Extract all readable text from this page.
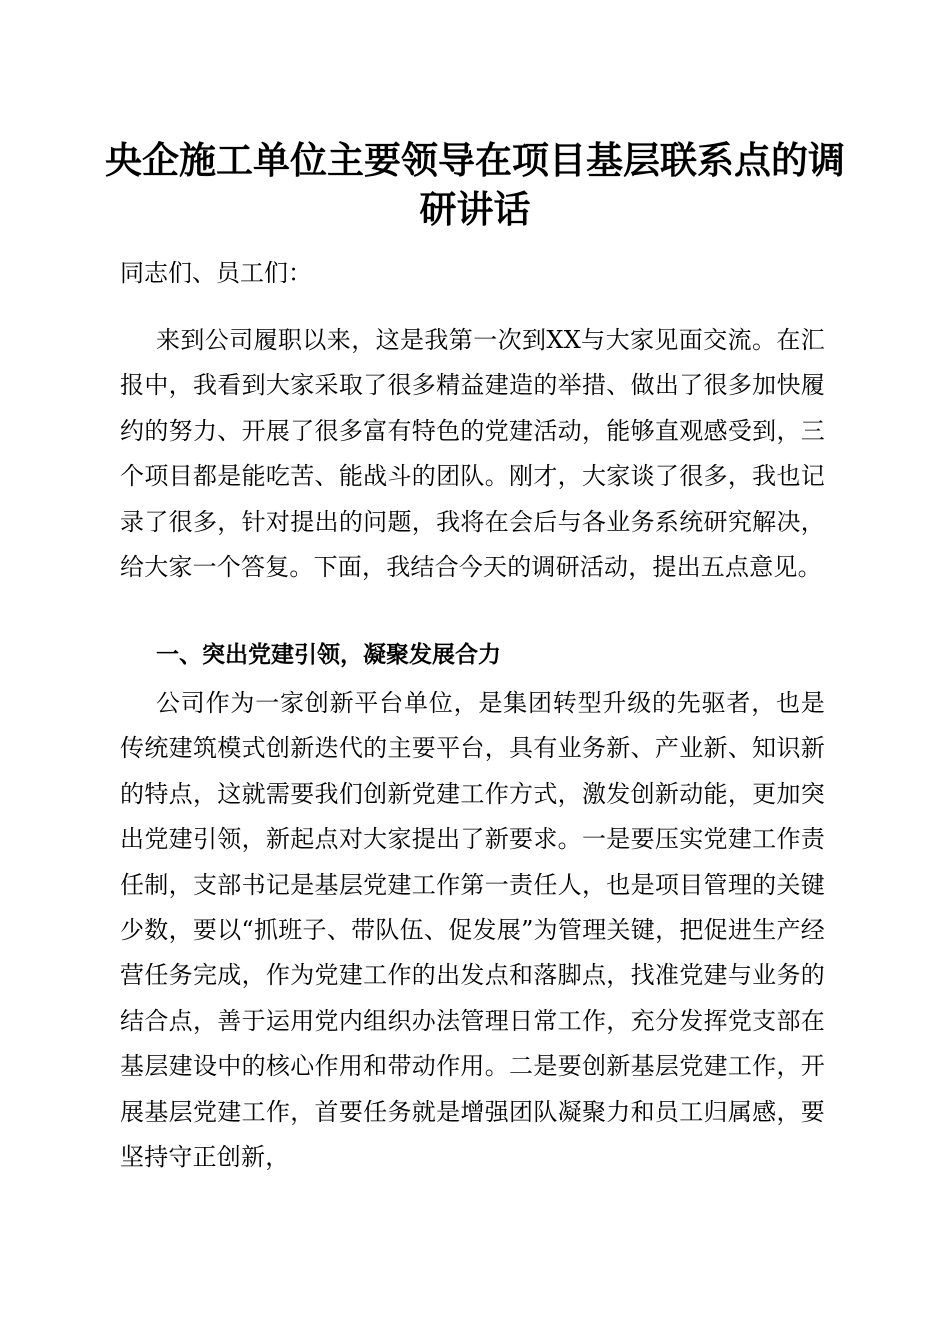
央企施工单位主要领导在项目基层联系点的调
研讲话

同志们、员工们：

来到公司履职以来，这是我第一次到XX与大家见面交流。在汇报中，我看到大家采取了很多精益建造的举措、做出了很多加快履约的努力、开展了很多富有特色的党建活动，能够直观感受到，三个项目都是能吃苦、能战斗的团队。刚才，大家谈了很多，我也记录了很多，针对提出的问题，我将在会后与各业务系统研究解决，给大家一个答复。下面，我结合今天的调研活动，提出五点意见。

一、突出党建引领，凝聚发展合力

公司作为一家创新平台单位，是集团转型升级的先驱者，也是传统建筑模式创新迭代的主要平台，具有业务新、产业新、知识新的特点，这就需要我们创新党建工作方式，激发创新动能，更加突出党建引领，新起点对大家提出了新要求。一是要压实党建工作责任制，支部书记是基层党建工作第一责任人，也是项目管理的关键少数，要以“抓班子、带队伍、促发展”为管理关键，把促进生产经营任务完成，作为党建工作的出发点和落脚点，找准党建与业务的结合点，善于运用党内组织办法管理日常工作，充分发挥党支部在基层建设中的核心作用和带动作用。二是要创新基层党建工作，开展基层党建工作，首要任务就是增强团队凝聚力和员工归属感，要坚持守正创新，
